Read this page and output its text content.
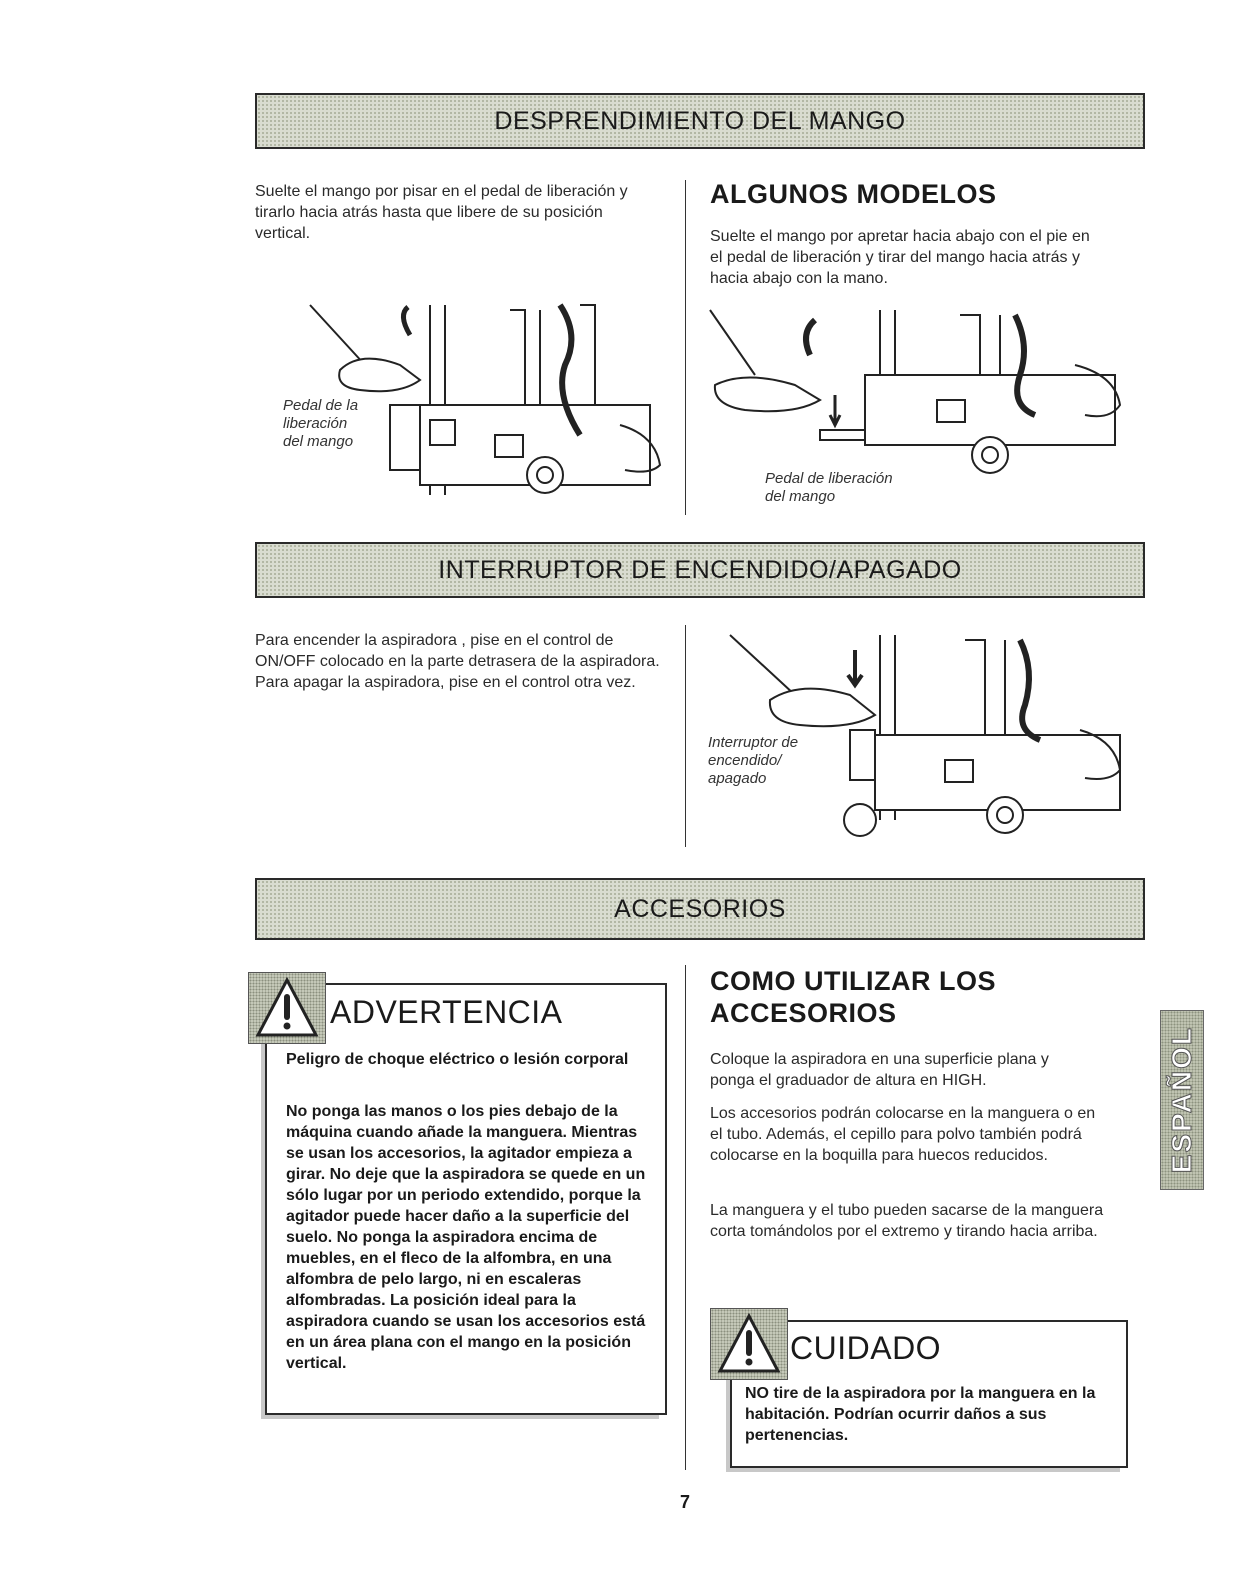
DESPRENDIMIENTO DEL MANGO
Suelte el mango por pisar en el pedal de liberación y tirarlo hacia atrás hasta que libere de su posición vertical.
ALGUNOS MODELOS
Suelte el mango por apretar hacia abajo con el pie en el pedal de liberación y tirar del mango hacia atrás y hacia abajo con la mano.
Pedal de la
liberación
del mango
Pedal de liberación
del mango
INTERRUPTOR DE ENCENDIDO/APAGADO
Para encender la aspiradora , pise en el control de ON/OFF colocado en la parte detrasera de la aspiradora. Para apagar la aspiradora, pise en el control otra vez.
Interruptor de
encendido/
apagado
ACCESORIOS
ADVERTENCIA
Peligro de choque eléctrico o lesión corporal
No ponga las manos o los pies debajo de la máquina cuando añade la manguera. Mientras se usan los accesorios, la agitador empieza a girar. No deje que la aspiradora se quede en un sólo lugar por un periodo extendido, porque la agitador puede hacer daño a la superficie del suelo. No ponga la aspiradora encima de muebles, en el fleco de la alfombra, en una alfombra de pelo largo, ni en escaleras alfombradas. La posición ideal para la aspiradora cuando se usan los accesorios está en un área plana con el mango en la posición vertical.
COMO UTILIZAR LOS
ACCESORIOS
Coloque la aspiradora en una superficie plana y ponga el graduador de altura en HIGH.
Los accesorios podrán colocarse en la manguera o en el tubo. Además, el cepillo para polvo también podrá colocarse en la boquilla para huecos reducidos.
La manguera y el tubo pueden sacarse de la manguera corta tomándolos por el extremo y tirando hacia arriba.
ESPAÑOL
CUIDADO
NO tire de la aspiradora por la manguera en la habitación. Podrían ocurrir daños a sus pertenencias.
7
